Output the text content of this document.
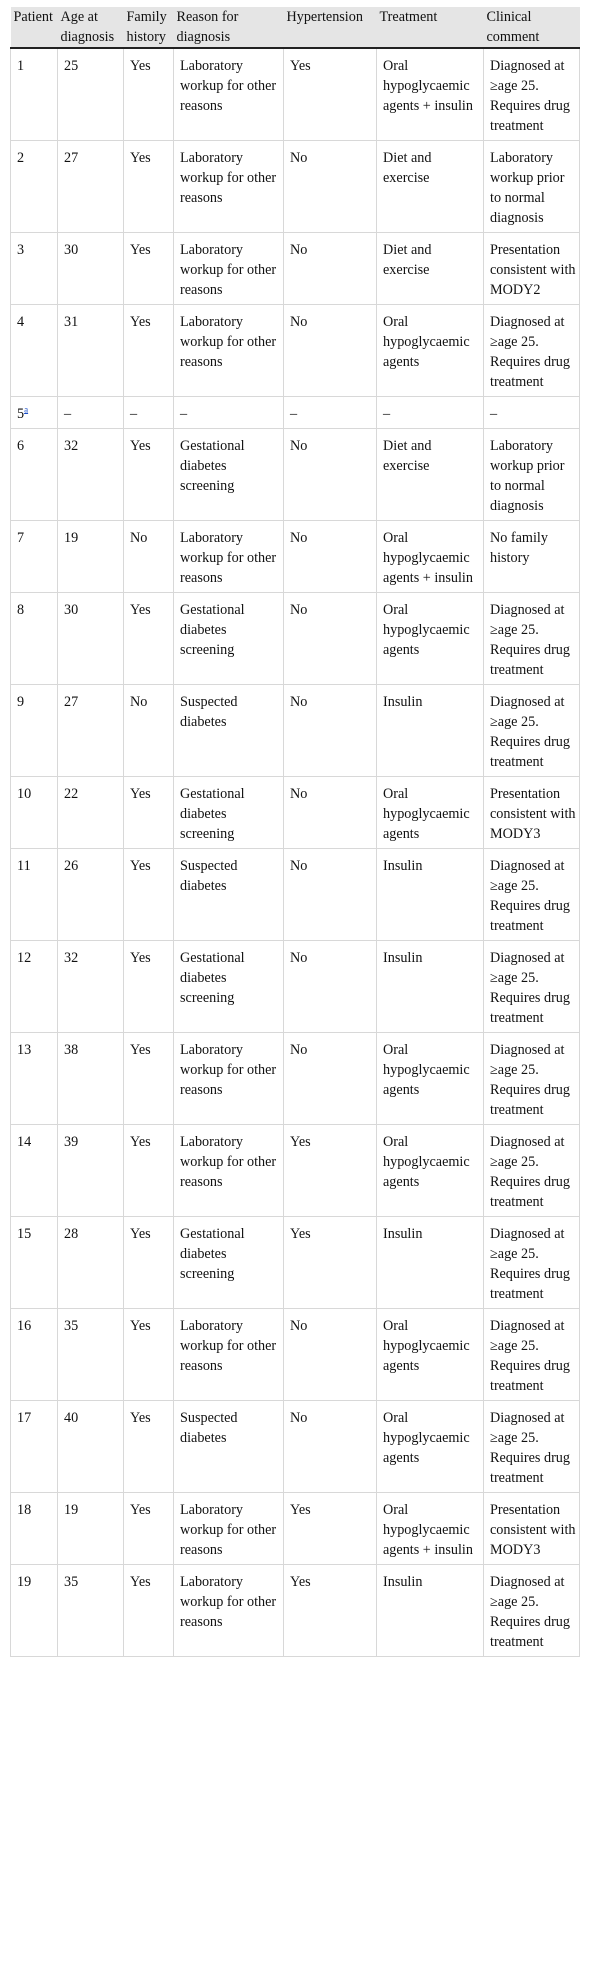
Patient	Age at diagnosis	Family history	Reason for diagnosis	Hypertension	Treatment	Clinical comment
1	25	Yes	Laboratory workup for other reasons	Yes	Oral hypoglycaemic agents + insulin	Diagnosed at ≥age 25. Requires drug treatment
2	27	Yes	Laboratory workup for other reasons	No	Diet and exercise	Laboratory workup prior to normal diagnosis
3	30	Yes	Laboratory workup for other reasons	No	Diet and exercise	Presentation consistent with MODY2
4	31	Yes	Laboratory workup for other reasons	No	Oral hypoglycaemic agents	Diagnosed at ≥age 25. Requires drug treatment
5$^a$	–	–	–	–	–	–
6	32	Yes	Gestational diabetes screening	No	Diet and exercise	Laboratory workup prior to normal diagnosis
7	19	No	Laboratory workup for other reasons	No	Oral hypoglycaemic agents + insulin	No family history
8	30	Yes	Gestational diabetes screening	No	Oral hypoglycaemic agents	Diagnosed at ≥age 25. Requires drug treatment
9	27	No	Suspected diabetes	No	Insulin	Diagnosed at ≥age 25. Requires drug treatment
10	22	Yes	Gestational diabetes screening	No	Oral hypoglycaemic agents	Presentation consistent with MODY3
11	26	Yes	Suspected diabetes	No	Insulin	Diagnosed at ≥age 25. Requires drug treatment
12	32	Yes	Gestational diabetes screening	No	Insulin	Diagnosed at ≥age 25. Requires drug treatment
13	38	Yes	Laboratory workup for other reasons	No	Oral hypoglycaemic agents	Diagnosed at ≥age 25. Requires drug treatment
14	39	Yes	Laboratory workup for other reasons	Yes	Oral hypoglycaemic agents	Diagnosed at ≥age 25. Requires drug treatment
15	28	Yes	Gestational diabetes screening	Yes	Insulin	Diagnosed at ≥age 25. Requires drug treatment
16	35	Yes	Laboratory workup for other reasons	No	Oral hypoglycaemic agents	Diagnosed at ≥age 25. Requires drug treatment
17	40	Yes	Suspected diabetes	No	Oral hypoglycaemic agents	Diagnosed at ≥age 25. Requires drug treatment
18	19	Yes	Laboratory workup for other reasons	Yes	Oral hypoglycaemic agents + insulin	Presentation consistent with MODY3
19	35	Yes	Laboratory workup for other reasons	Yes	Insulin	Diagnosed at ≥age 25. Requires drug treatment
